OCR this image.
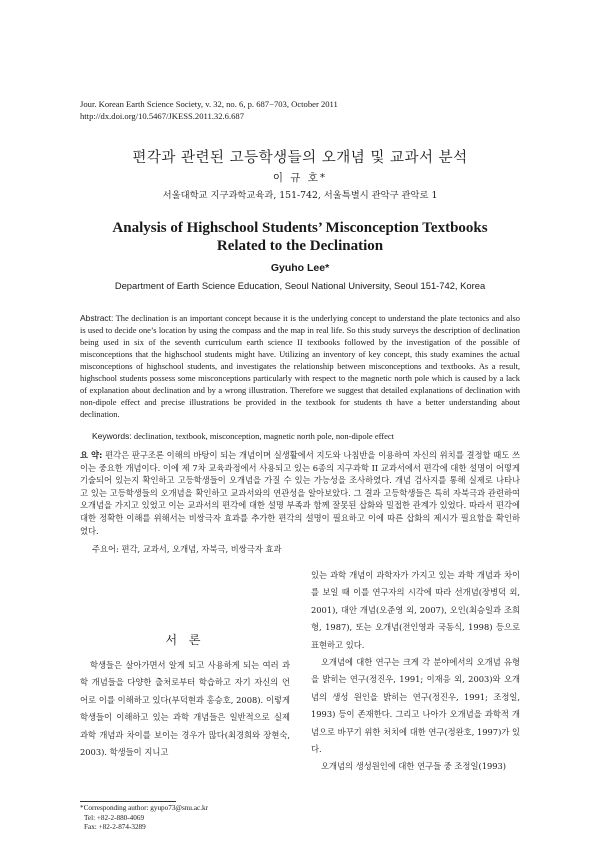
Jour. Korean Earth Science Society, v. 32, no. 6, p. 687−703, October 2011
http://dx.doi.org/10.5467/JKESS.2011.32.6.687
편각과 관련된 고등학생들의 오개념 및 교과서 분석
이 규 호*
서울대학교 지구과학교육과, 151-742, 서울특별시 관악구 관악로 1
Analysis of Highschool Students’ Misconception Textbooks
Related to the Declination
Gyuho Lee*
Department of Earth Science Education, Seoul National University, Seoul 151-742, Korea
Abstract: The declination is an important concept because it is the underlying concept to understand the plate tectonics and also is used to decide one’s location by using the compass and the map in real life. So this study surveys the description of declination being used in six of the seventh curriculum earth science II textbooks followed by the investigation of the possible of misconceptions that the highschool students might have. Utilizing an inventory of key concept, this study examines the actual misconceptions of highschool students, and investigates the relationship between misconceptions and textbooks. As a result, highschool students possess some misconceptions particularly with respect to the magnetic north pole which is caused by a lack of explanation about declination and by a wrong illustration. Therefore we suggest that detailed explanations of declination with non-dipole effect and precise illustrations be provided in the textbook for students th have a better understanding about declination.
Keywords: declination, textbook, misconception, magnetic north pole, non-dipole effect
요 약: 편각은 판구조론 이해의 바탕이 되는 개념이며 실생활에서 지도와 나침반을 이용하여 자신의 위치를 결정할 때도 쓰이는 중요한 개념이다. 이에 제 7차 교육과정에서 사용되고 있는 6종의 지구과학 II 교과서에서 편각에 대한 설명이 어떻게 기술되어 있는지 확인하고 고등학생들이 오개념을 가질 수 있는 가능성을 조사하였다. 개념 검사지를 통해 실제로 나타나고 있는 고등학생들의 오개념을 확인하고 교과서와의 연관성을 알아보았다. 그 결과 고등학생들은 특히 자북극과 관련하여 오개념을 가지고 있었고 이는 교과서의 편각에 대한 설명 부족과 함께 잘못된 삽화와 밀접한 관계가 있었다. 따라서 편각에 대한 정확한 이해를 위해서는 비쌍극자 효과를 추가한 편각의 설명이 필요하고 이에 따른 삽화의 제시가 필요함을 확인하였다.
주요어: 편각, 교과서, 오개념, 자북극, 비쌍극자 효과
서 론
학생들은 살아가면서 알게 되고 사용하게 되는 여러 과학 개념들을 다양한 출처로부터 학습하고 자기 자신의 언어로 이를 이해하고 있다(부덕현과 홍승호, 2008). 이렇게 학생들이 이해하고 있는 과학 개념들은 일반적으로 실제 과학 개념과 차이를 보이는 경우가 많다(최경희와 장현숙, 2003). 학생들이 지니고

있는 과학 개념이 과학자가 가지고 있는 과학 개념과 차이를 보일 때 이를 연구자의 시각에 따라 선개념(장병덕 외, 2001), 대안 개념(오준영 외, 2007), 오인(최승일과 조희형, 1987), 또는 오개념(전인영과 국동식, 1998) 등으로 표현하고 있다.

오개념에 대한 연구는 크게 각 분야에서의 오개념 유형을 밝히는 연구(정진우, 1991; 이재응 외, 2003)와 오개념의 생성 원인을 밝히는 연구(정진우, 1991; 조정일, 1993) 등이 존재한다. 그리고 나아가 오개념을 과학적 개념으로 바꾸기 위한 처치에 대한 연구(정완호, 1997)가 있다.

오개념의 생성원인에 대한 연구들 중 조정일(1993)

*Corresponding author: gyupo73@snu.ac.kr
Tel: +82-2-880-4069
Fax: +82-2-874-3289
